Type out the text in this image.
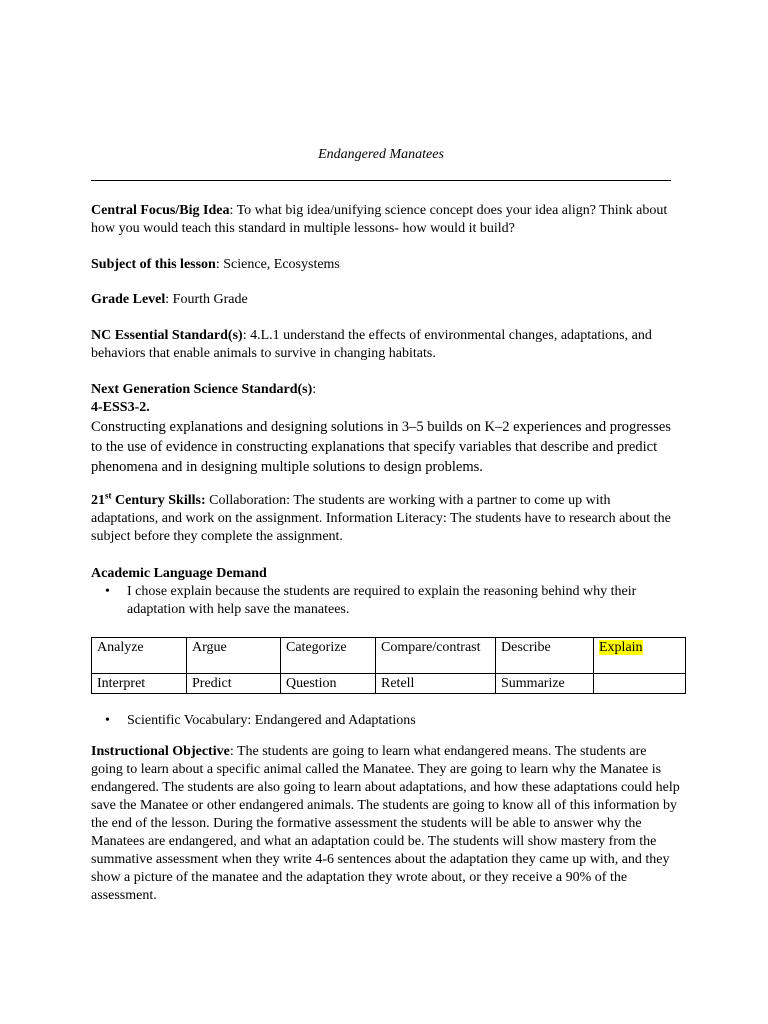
Endangered Manatees
Central Focus/Big Idea: To what big idea/unifying science concept does your idea align? Think about how you would teach this standard in multiple lessons- how would it build?
Subject of this lesson: Science, Ecosystems
Grade Level: Fourth Grade
NC Essential Standard(s): 4.L.1 understand the effects of environmental changes, adaptations, and behaviors that enable animals to survive in changing habitats.
Next Generation Science Standard(s):
4-ESS3-2.
Constructing explanations and designing solutions in 3–5 builds on K–2 experiences and progresses to the use of evidence in constructing explanations that specify variables that describe and predict phenomena and in designing multiple solutions to design problems.
21st Century Skills: Collaboration: The students are working with a partner to come up with adaptations, and work on the assignment. Information Literacy: The students have to research about the subject before they complete the assignment.
Academic Language Demand
• I chose explain because the students are required to explain the reasoning behind why their adaptation with help save the manatees.
Analyze	Argue	Categorize	Compare/contrast	Describe	Explain
Interpret	Predict	Question	Retell	Summarize	
• Scientific Vocabulary: Endangered and Adaptations
Instructional Objective: The students are going to learn what endangered means. The students are going to learn about a specific animal called the Manatee. They are going to learn why the Manatee is endangered. The students are also going to learn about adaptations, and how these adaptations could help save the Manatee or other endangered animals. The students are going to know all of this information by the end of the lesson. During the formative assessment the students will be able to answer why the Manatees are endangered, and what an adaptation could be. The students will show mastery from the summative assessment when they write 4-6 sentences about the adaptation they came up with, and they show a picture of the manatee and the adaptation they wrote about, or they receive a 90% of the assessment.
